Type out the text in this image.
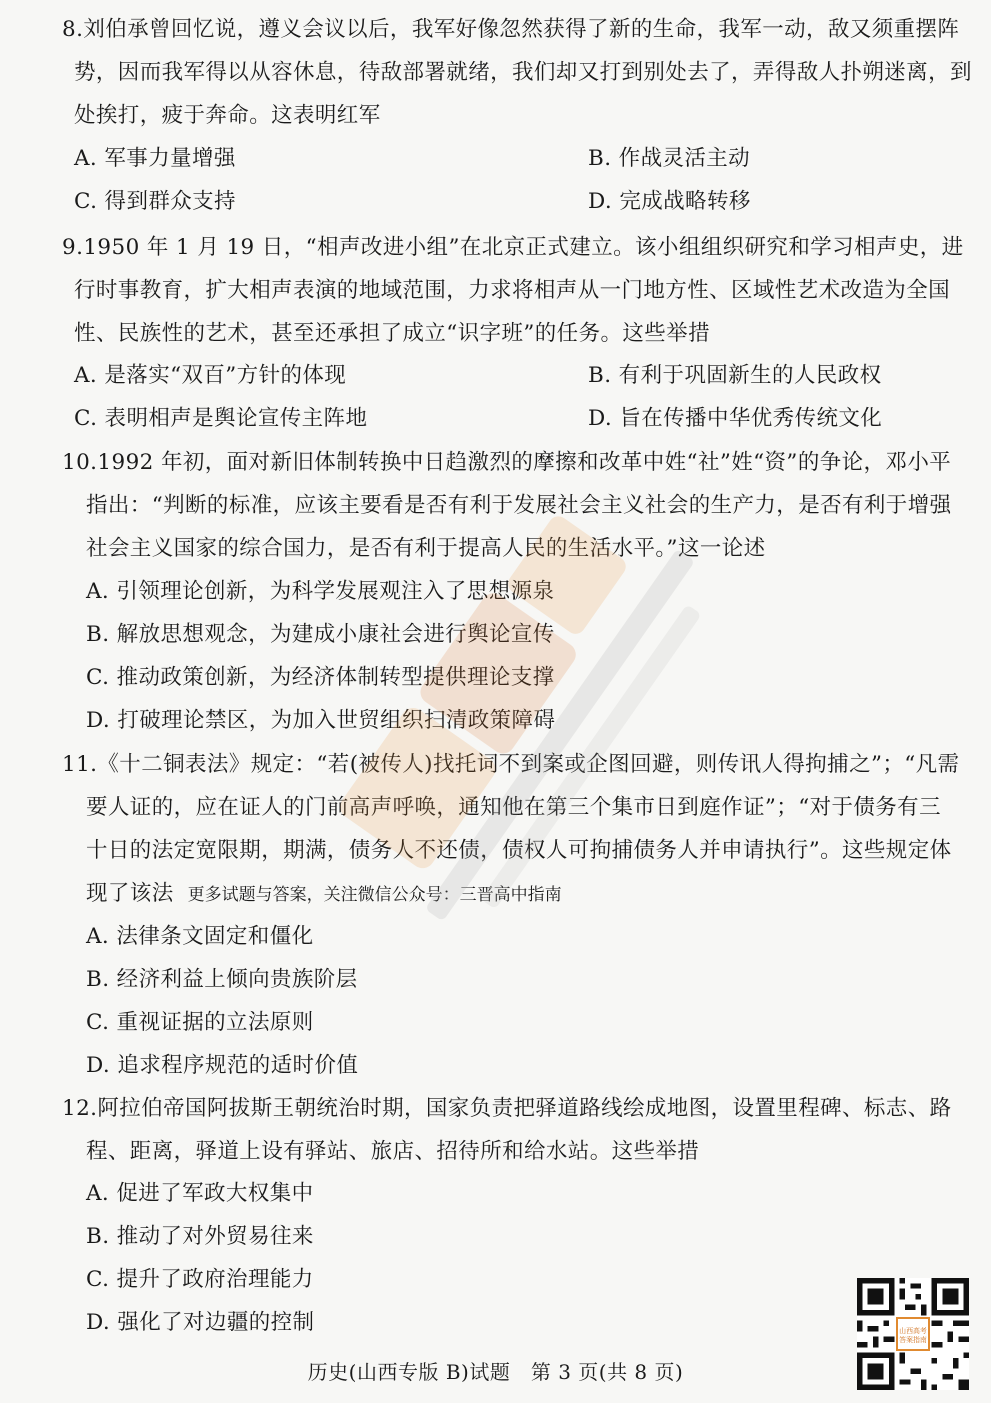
8.刘伯承曾回忆说，遵义会议以后，我军好像忽然获得了新的生命，我军一动，敌又须重摆阵
势，因而我军得以从容休息，待敌部署就绪，我们却又打到别处去了，弄得敌人扑朔迷离，到
处挨打，疲于奔命。这表明红军
A. 军事力量增强	B. 作战灵活主动
C. 得到群众支持	D. 完成战略转移
9.1950 年 1 月 19 日，“相声改进小组”在北京正式建立。该小组组织研究和学习相声史，进
行时事教育，扩大相声表演的地域范围，力求将相声从一门地方性、区域性艺术改造为全国
性、民族性的艺术，甚至还承担了成立“识字班”的任务。这些举措
A. 是落实“双百”方针的体现	B. 有利于巩固新生的人民政权
C. 表明相声是舆论宣传主阵地	D. 旨在传播中华优秀传统文化
10.1992 年初，面对新旧体制转换中日趋激烈的摩擦和改革中姓“社”姓“资”的争论，邓小平
指出：“判断的标准，应该主要看是否有利于发展社会主义社会的生产力，是否有利于增强
社会主义国家的综合国力，是否有利于提高人民的生活水平。”这一论述
A. 引领理论创新，为科学发展观注入了思想源泉
B. 解放思想观念，为建成小康社会进行舆论宣传
C. 推动政策创新，为经济体制转型提供理论支撑
D. 打破理论禁区，为加入世贸组织扫清政策障碍
11.《十二铜表法》规定：“若(被传人)找托词不到案或企图回避，则传讯人得拘捕之”；“凡需
要人证的，应在证人的门前高声呼唤，通知他在第三个集市日到庭作证”；“对于债务有三
十日的法定宽限期，期满，债务人不还债，债权人可拘捕债务人并申请执行”。这些规定体
现了该法 更多试题与答案，关注微信公众号：三晋高中指南
A. 法律条文固定和僵化
B. 经济利益上倾向贵族阶层
C. 重视证据的立法原则
D. 追求程序规范的适时价值
12.阿拉伯帝国阿拔斯王朝统治时期，国家负责把驿道路线绘成地图，设置里程碑、标志、路
程、距离，驿道上设有驿站、旅店、招待所和给水站。这些举措
A. 促进了军政大权集中
B. 推动了对外贸易往来
C. 提升了政府治理能力
D. 强化了对边疆的控制	山西高考
答案指南
历史(山西专版 B)试题　第 3 页(共 8 页)
